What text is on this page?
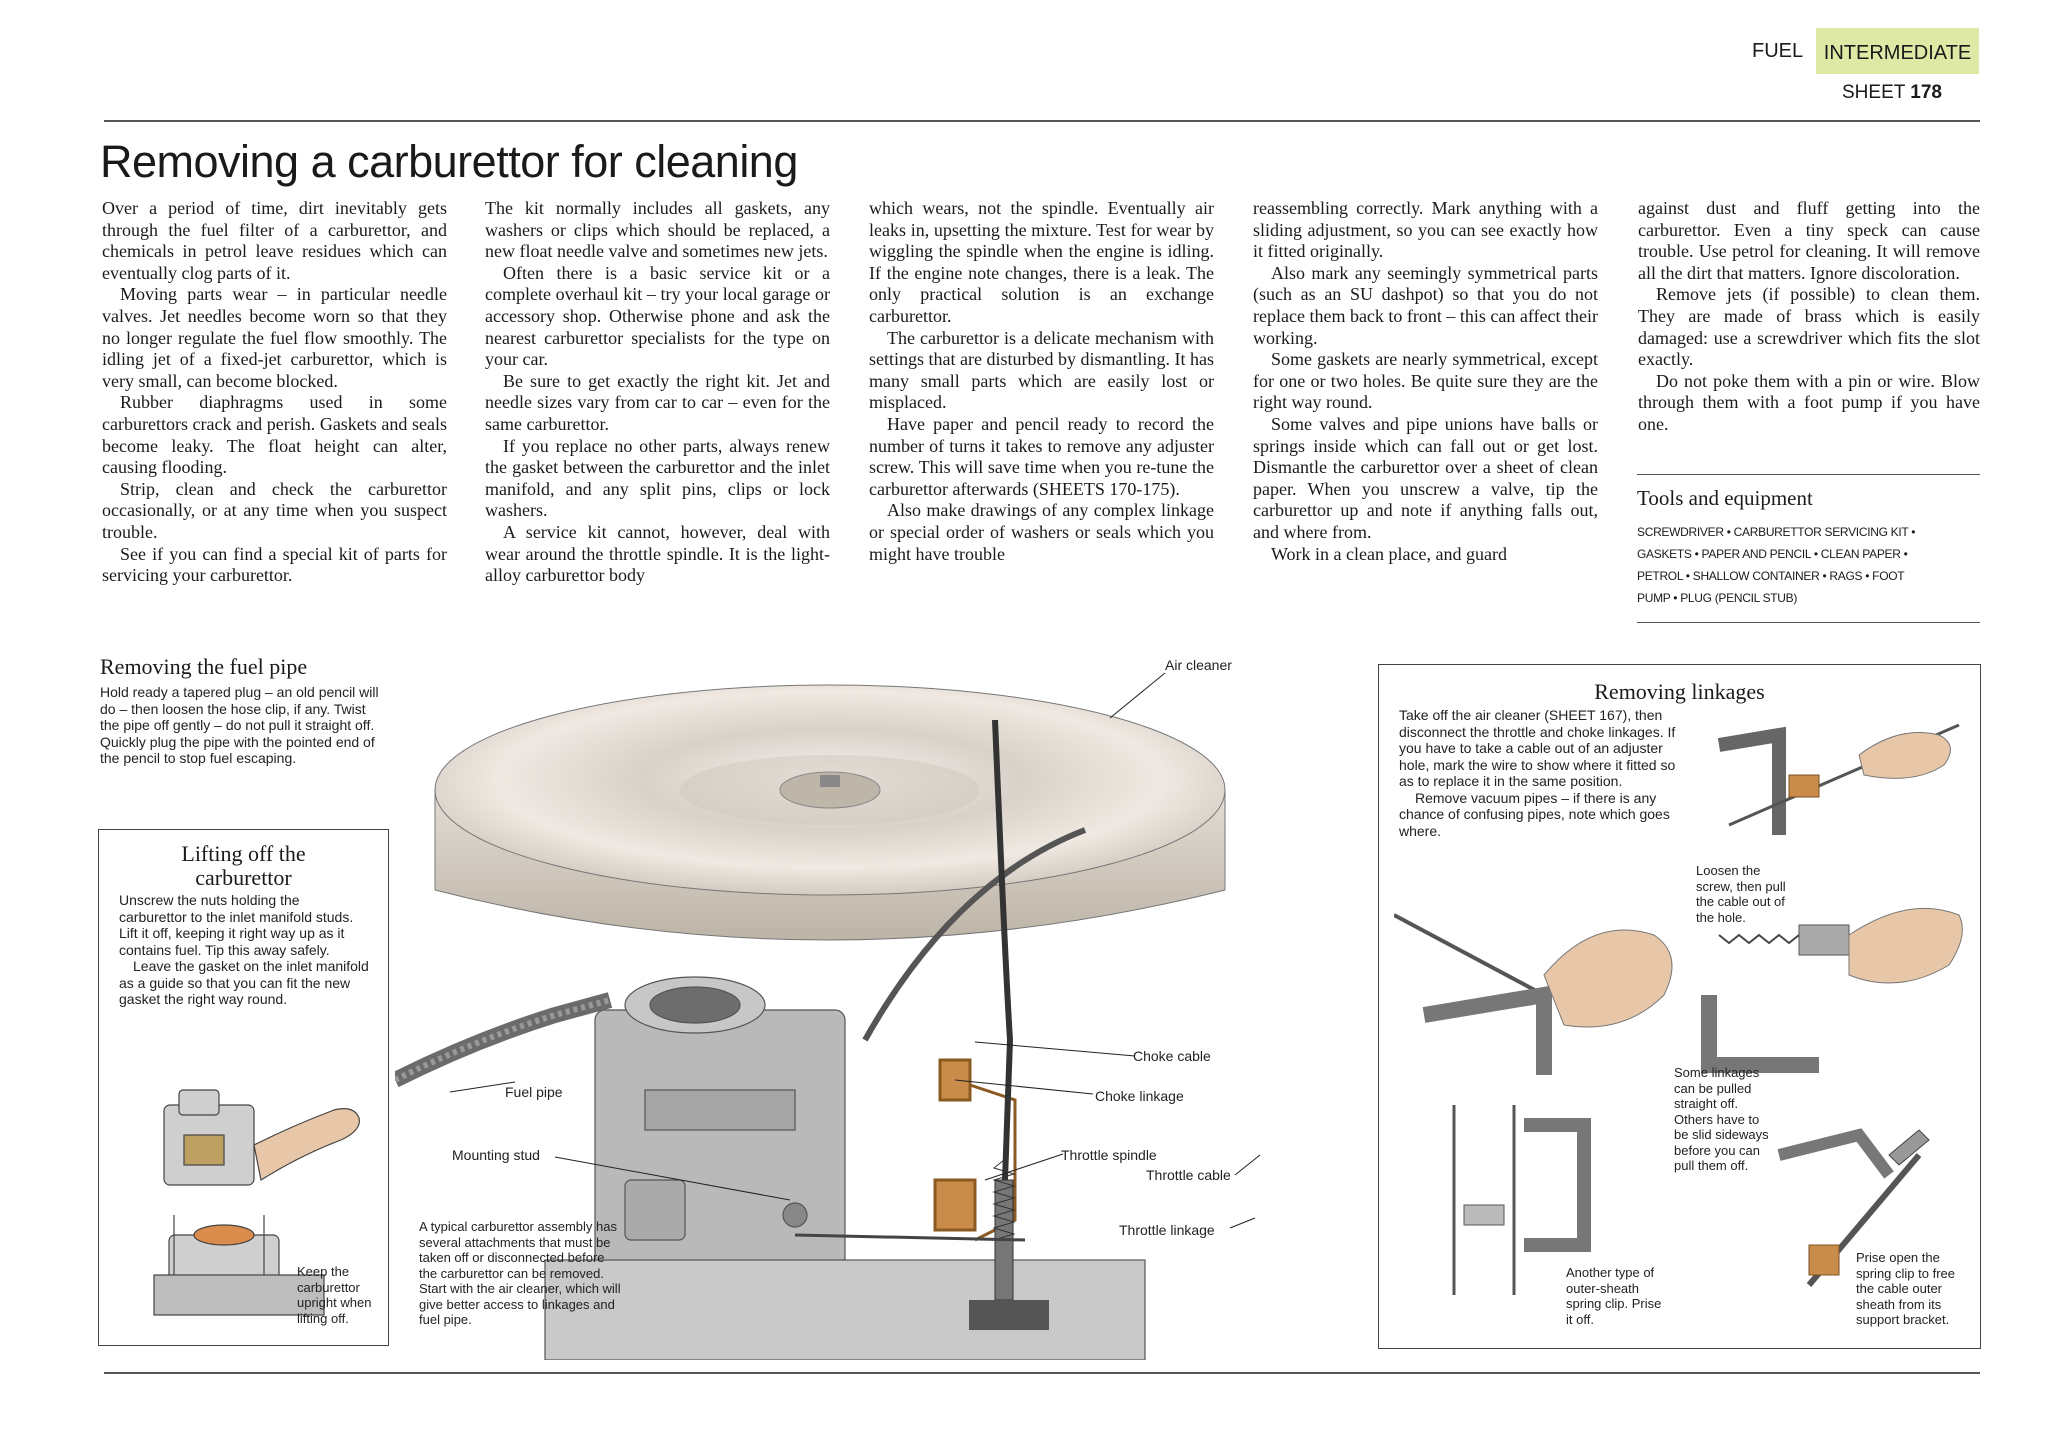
FUEL	INTERMEDIATE
SHEET 178
Removing a carburettor for cleaning

Over a period of time, dirt inevitably gets through the fuel filter of a carburettor, and chemicals in petrol leave residues which can eventually clog parts of it.

Moving parts wear – in particular needle valves. Jet needles become worn so that they no longer regulate the fuel flow smoothly. The idling jet of a fixed-jet carburettor, which is very small, can become blocked.

Rubber diaphragms used in some carburettors crack and perish. Gaskets and seals become leaky. The float height can alter, causing flooding.

Strip, clean and check the carburettor occasionally, or at any time when you suspect trouble.

See if you can find a special kit of parts for servicing your carburettor.

The kit normally includes all gaskets, any washers or clips which should be replaced, a new float needle valve and sometimes new jets.

Often there is a basic service kit or a complete overhaul kit – try your local garage or accessory shop. Otherwise phone and ask the nearest carburettor specialists for the type on your car.

Be sure to get exactly the right kit. Jet and needle sizes vary from car to car – even for the same carburettor.

If you replace no other parts, always renew the gasket between the carburettor and the inlet manifold, and any split pins, clips or lock washers.

A service kit cannot, however, deal with wear around the throttle spindle. It is the light-alloy carburettor body

which wears, not the spindle. Eventually air leaks in, upsetting the mixture. Test for wear by wiggling the spindle when the engine is idling. If the engine note changes, there is a leak. The only practical solution is an exchange carburettor.

The carburettor is a delicate mechanism with settings that are disturbed by dismantling. It has many small parts which are easily lost or misplaced.

Have paper and pencil ready to record the number of turns it takes to remove any adjuster screw. This will save time when you re-tune the carburettor afterwards (SHEETS 170-175).

Also make drawings of any complex linkage or special order of washers or seals which you might have trouble

reassembling correctly. Mark anything with a sliding adjustment, so you can see exactly how it fitted originally.

Also mark any seemingly symmetrical parts (such as an SU dashpot) so that you do not replace them back to front – this can affect their working.

Some gaskets are nearly symmetrical, except for one or two holes. Be quite sure they are the right way round.

Some valves and pipe unions have balls or springs inside which can fall out or get lost. Dismantle the carburettor over a sheet of clean paper. When you unscrew a valve, tip the carburettor up and note if anything falls out, and where from.

Work in a clean place, and guard

against dust and fluff getting into the carburettor. Even a tiny speck can cause trouble. Use petrol for cleaning. It will remove all the dirt that matters. Ignore discoloration.

Remove jets (if possible) to clean them. They are made of brass which is easily damaged: use a screwdriver which fits the slot exactly.

Do not poke them with a pin or wire. Blow through them with a foot pump if you have one.

Tools and equipment
SCREWDRIVER • CARBURETTOR SERVICING KIT •
GASKETS • PAPER AND PENCIL • CLEAN PAPER •
PETROL • SHALLOW CONTAINER • RAGS • FOOT
PUMP • PLUG (PENCIL STUB)
Removing the fuel pipe
Hold ready a tapered plug – an old pencil will do – then loosen the hose clip, if any. Twist the pipe off gently – do not pull it straight off. Quickly plug the pipe with the pointed end of the pencil to stop fuel escaping.
Lifting off the
carburettor

Unscrew the nuts holding the carburettor to the inlet manifold studs. Lift it off, keeping it right way up as it contains fuel. Tip this away safely.

Leave the gasket on the inlet manifold as a guide so that you can fit the new gasket the right way round.

Keep the carburettor upright when lifting off.
Air cleaner
Choke cable
Choke linkage
Fuel pipe
Mounting stud	Throttle spindle
Throttle cable
Throttle linkage
A typical carburettor assembly has several attachments that must be taken off or disconnected before the carburettor can be removed. Start with the air cleaner, which will give better access to linkages and fuel pipe.
Removing linkages

Take off the air cleaner (SHEET 167), then disconnect the throttle and choke linkages. If you have to take a cable out of an adjuster hole, mark the wire to show where it fitted so as to replace it in the same position.

Remove vacuum pipes – if there is any chance of confusing pipes, note which goes where.

Loosen the screw, then pull the cable out of the hole.
Some linkages can be pulled straight off. Others have to be slid sideways before you can pull them off.
Another type of outer-sheath spring clip. Prise it off.
Prise open the spring clip to free the cable outer sheath from its support bracket.
